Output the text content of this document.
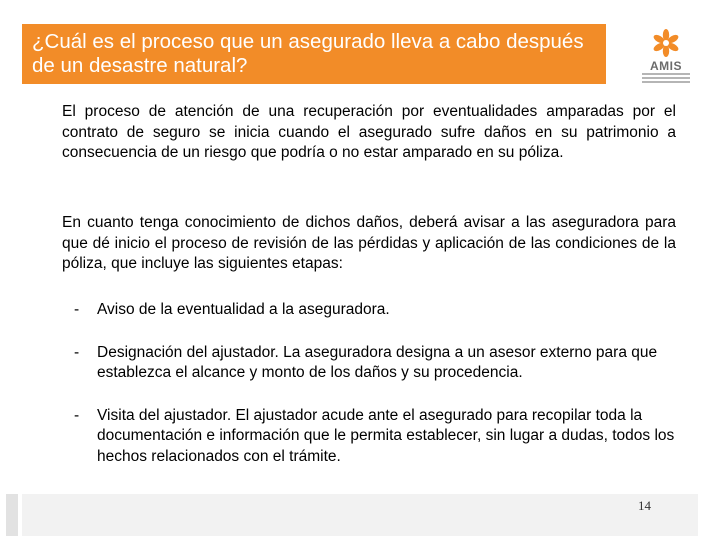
¿Cuál es el proceso que un asegurado lleva a cabo después de un desastre natural?	AMIS
El proceso de atención de una recuperación por eventualidades amparadas por el contrato de seguro se inicia cuando el asegurado sufre daños en su patrimonio a consecuencia de un riesgo que podría o no estar amparado en su póliza.
En cuanto tenga conocimiento de dichos daños, deberá avisar a las aseguradora para que dé inicio el proceso de revisión de las pérdidas y aplicación de las condiciones de la póliza, que incluye las siguientes etapas:
- Aviso de la eventualidad a la aseguradora.
- Designación del ajustador. La aseguradora designa a un asesor externo para que establezca el alcance y monto de los daños y su procedencia.
- Visita del ajustador. El ajustador acude ante el asegurado para recopilar toda la documentación e información que le permita establecer, sin lugar a dudas, todos los hechos relacionados con el trámite.
14
